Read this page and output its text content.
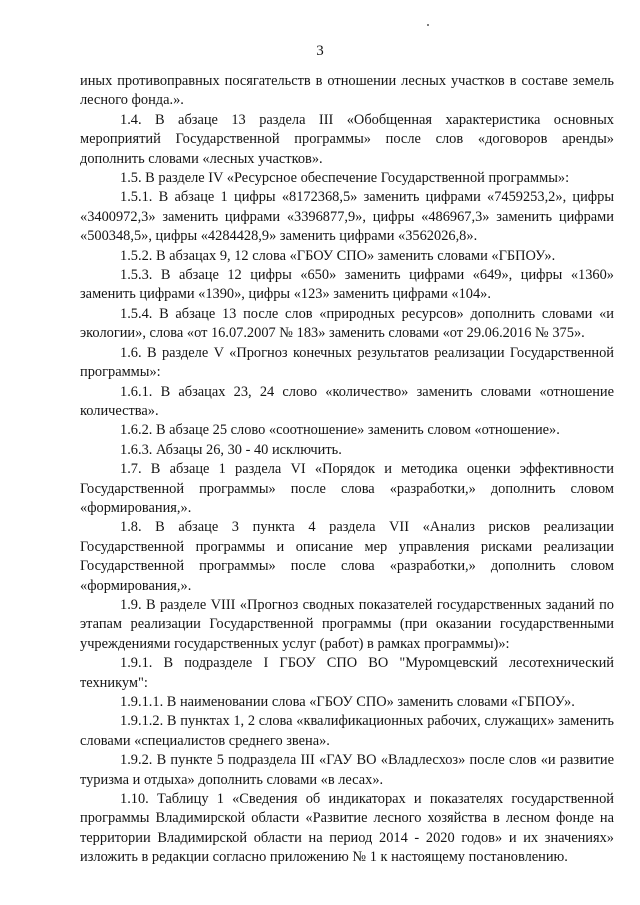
3

иных противоправных посягательств в отношении лесных участков в составе земель лесного фонда.».

1.4. В абзаце 13 раздела III «Обобщенная характеристика основных мероприятий Государственной программы» после слов «договоров аренды» дополнить словами «лесных участков».

1.5. В разделе IV «Ресурсное обеспечение Государственной программы»:

1.5.1. В абзаце 1 цифры «8172368,5» заменить цифрами «7459253,2», цифры «3400972,3» заменить цифрами «3396877,9», цифры «486967,3» заменить цифрами «500348,5», цифры «4284428,9» заменить цифрами «3562026,8».

1.5.2. В абзацах 9, 12 слова «ГБОУ СПО» заменить словами «ГБПОУ».

1.5.3. В абзаце 12 цифры «650» заменить цифрами «649», цифры «1360» заменить цифрами «1390», цифры «123» заменить цифрами «104».

1.5.4. В абзаце 13 после слов «природных ресурсов» дополнить словами «и экологии», слова «от 16.07.2007 № 183» заменить словами «от 29.06.2016 № 375».

1.6. В разделе V «Прогноз конечных результатов реализации Государственной программы»:

1.6.1. В абзацах 23, 24 слово «количество» заменить словами «отношение количества».

1.6.2. В абзаце 25 слово «соотношение» заменить словом «отношение».

1.6.3. Абзацы 26, 30 - 40 исключить.

1.7. В абзаце 1 раздела VI «Порядок и методика оценки эффективности Государственной программы» после слова «разработки,» дополнить словом «формирования,».

1.8. В абзаце 3 пункта 4 раздела VII «Анализ рисков реализации Государственной программы и описание мер управления рисками реализации Государственной программы» после слова «разработки,» дополнить словом «формирования,».

1.9. В разделе VIII «Прогноз сводных показателей государственных заданий по этапам реализации Государственной программы (при оказании государственными учреждениями государственных услуг (работ) в рамках программы)»:

1.9.1. В подразделе I ГБОУ СПО ВО "Муромцевский лесотехнический техникум":

1.9.1.1. В наименовании слова «ГБОУ СПО» заменить словами «ГБПОУ».

1.9.1.2. В пунктах 1, 2 слова «квалификационных рабочих, служащих» заменить словами «специалистов среднего звена».

1.9.2. В пункте 5 подраздела III «ГАУ ВО «Владлесхоз» после слов «и развитие туризма и отдыха» дополнить словами «в лесах».

1.10. Таблицу 1 «Сведения об индикаторах и показателях государственной программы Владимирской области «Развитие лесного хозяйства в лесном фонде на территории Владимирской области на период 2014 - 2020 годов» и их значениях» изложить в редакции согласно приложению № 1 к настоящему постановлению.
